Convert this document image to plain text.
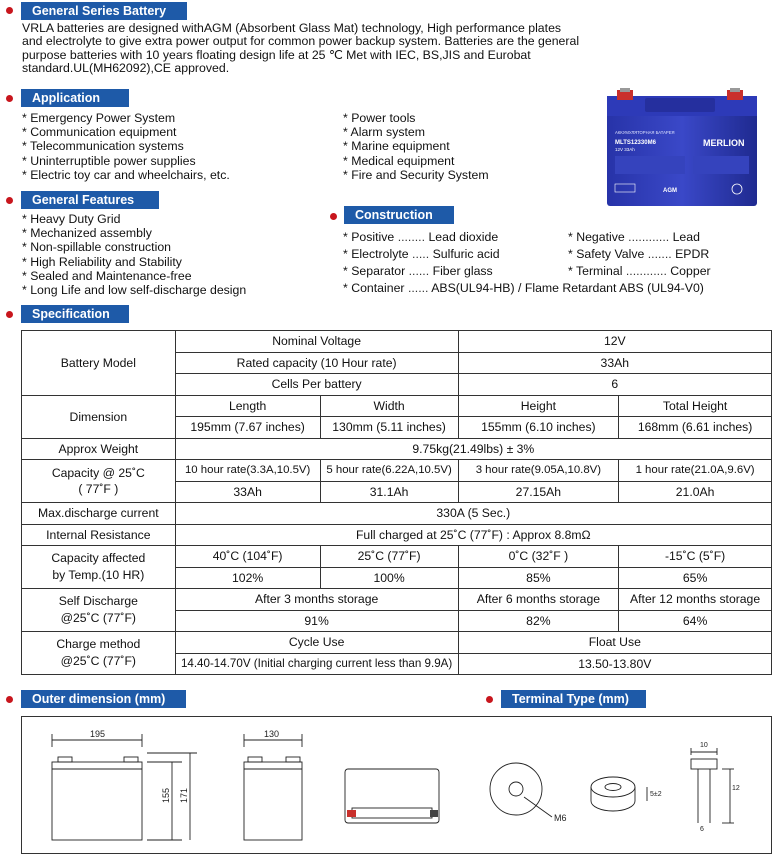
General Series Battery
VRLA batteries are designed withAGM (Absorbent Glass Mat) technology, High performance plates
and electrolyte to give extra power output for common power backup system. Batteries are the general
purpose batteries with 10 years floating design life at 25 ℃ Met with IEC, BS,JIS and Eurobat
standard.UL(MH62092),CE approved.
Application
* Emergency Power System
* Communication equipment
* Telecommunication systems
* Uninterruptible power supplies
* Electric toy car and wheelchairs, etc.
* Power tools
* Alarm system
* Marine equipment
* Medical equipment
* Fire and Security System
АККУМУЛЯТОРНАЯ БАТАРЕЯ
MLTS12330M6
12V 33Ah
MERLION
AGM
General Features
* Heavy Duty Grid
* Mechanized assembly
* Non-spillable construction
* High Reliability and Stability
* Sealed and Maintenance-free
* Long Life and low self-discharge design
Construction
* Positive ........ Lead dioxide
* Electrolyte ..... Sulfuric acid
* Separator ...... Fiber glass
* Container ...... ABS(UL94-HB) / Flame Retardant ABS (UL94-V0)
* Negative ............ Lead
* Safety Valve ....... EPDR
* Terminal ............ Copper
Specification
Battery Model	Nominal Voltage		12V	
	Rated capacity (10 Hour rate)		33Ah	
	Cells Per battery		6	
Dimension	Length	Width	Height	Total Height
	195mm (7.67 inches)	130mm (5.11 inches)	155mm (6.10 inches)	168mm (6.61 inches)
Approx Weight	9.75kg(21.49lbs) ± 3%			

Capacity @ 25˚C
( 77˚F )	10 hour rate(3.3A,10.5V)	5 hour rate(6.22A,10.5V)	3 hour rate(9.05A,10.8V)	1 hour rate(21.0A,9.6V)
	33Ah	31.1Ah	27.15Ah	21.0Ah
Max.discharge current	330A (5 Sec.)			
Internal Resistance	Full charged at 25˚C (77˚F) : Approx 8.8mΩ			

Capacity affected
by Temp.(10 HR)	40˚C (104˚F)	25˚C (77˚F)	0˚C (32˚F )	-15˚C (5˚F)
	102%	100%	85%	65%

Self Discharge
@25˚C (77˚F)	After 3 months storage		After 6 months storage	After 12 months storage
	91%		82%	64%

Charge method
@25˚C (77˚F)	Cycle Use		Float Use	
	14.40-14.70V (Initial charging current less than 9.9A)		13.50-13.80V	
Outer dimension (mm)	Terminal Type (mm)
195	130
155 171
M6
5±2
10
12
6
